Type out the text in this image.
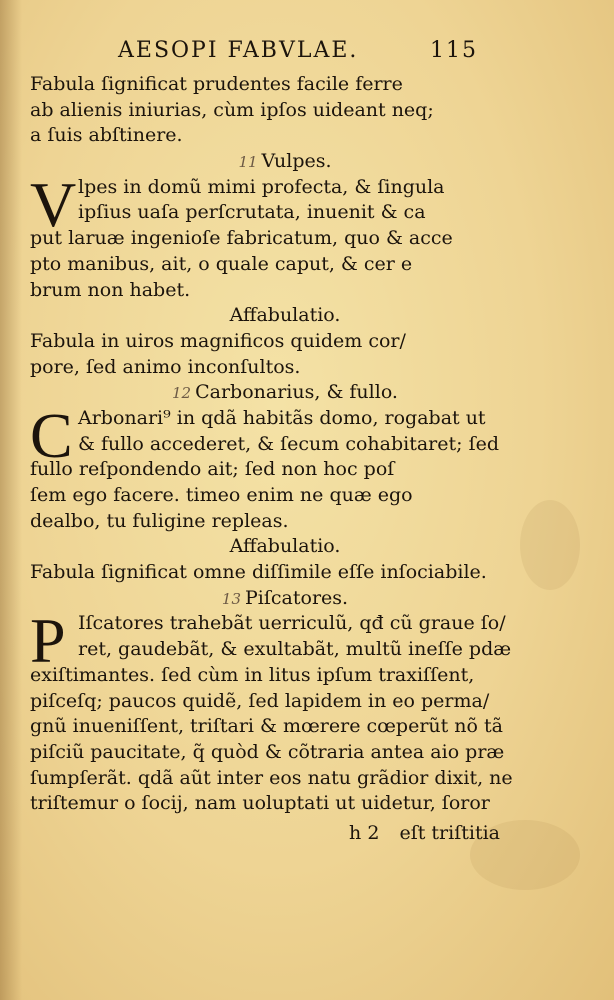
AESOPI FABVLAE.	115
Fabula ſignificat prudentes facile ferre
ab alienis iniurias, cùm ipſos uideant neq;
a ſuis abſtinere.
11 Vulpes.
V lpes in domũ mimi profecta, & ſingula
ipſius uaſa perſcrutata, inuenit & ca
put laruæ ingenioſe fabricatum, quo & acce
pto manibus, ait, o quale caput, & cer e
brum non habet.
Affabulatio.
Fabula in uiros magnificos quidem cor/
pore, ſed animo inconſultos.
12 Carbonarius, & fullo.
C Arbonari⁹ in qdã habitãs domo, rogabat ut
& fullo accederet, & ſecum cohabitaret; ſed
fullo reſpondendo ait; ſed non hoc poſ
ſem ego facere. timeo enim ne quæ ego
dealbo, tu fuligine repleas.
Affabulatio.
Fabula ſignificat omne diſſimile eſſe inſociabile.
13 Piſcatores.
P Iſcatores trahebãt uerriculũ, qđ cũ graue ſo/
ret, gaudebãt, & exultabãt, multũ ineſſe pdæ
exiſtimantes. ſed cùm in litus ipſum traxiſſent,
piſceſq; paucos quidẽ, ſed lapidem in eo perma/
gnũ inueniſſent, triſtari & mœrere cœperũt nõ tã
piſciũ paucitate, q̃ quòd & cõtraria antea aio præ
ſumpſerãt. qdã aũt inter eos natu grãdior dixit, ne
triſtemur o ſocij, nam uoluptati ut uidetur, ſoror
h 2 eſt triſtitia
